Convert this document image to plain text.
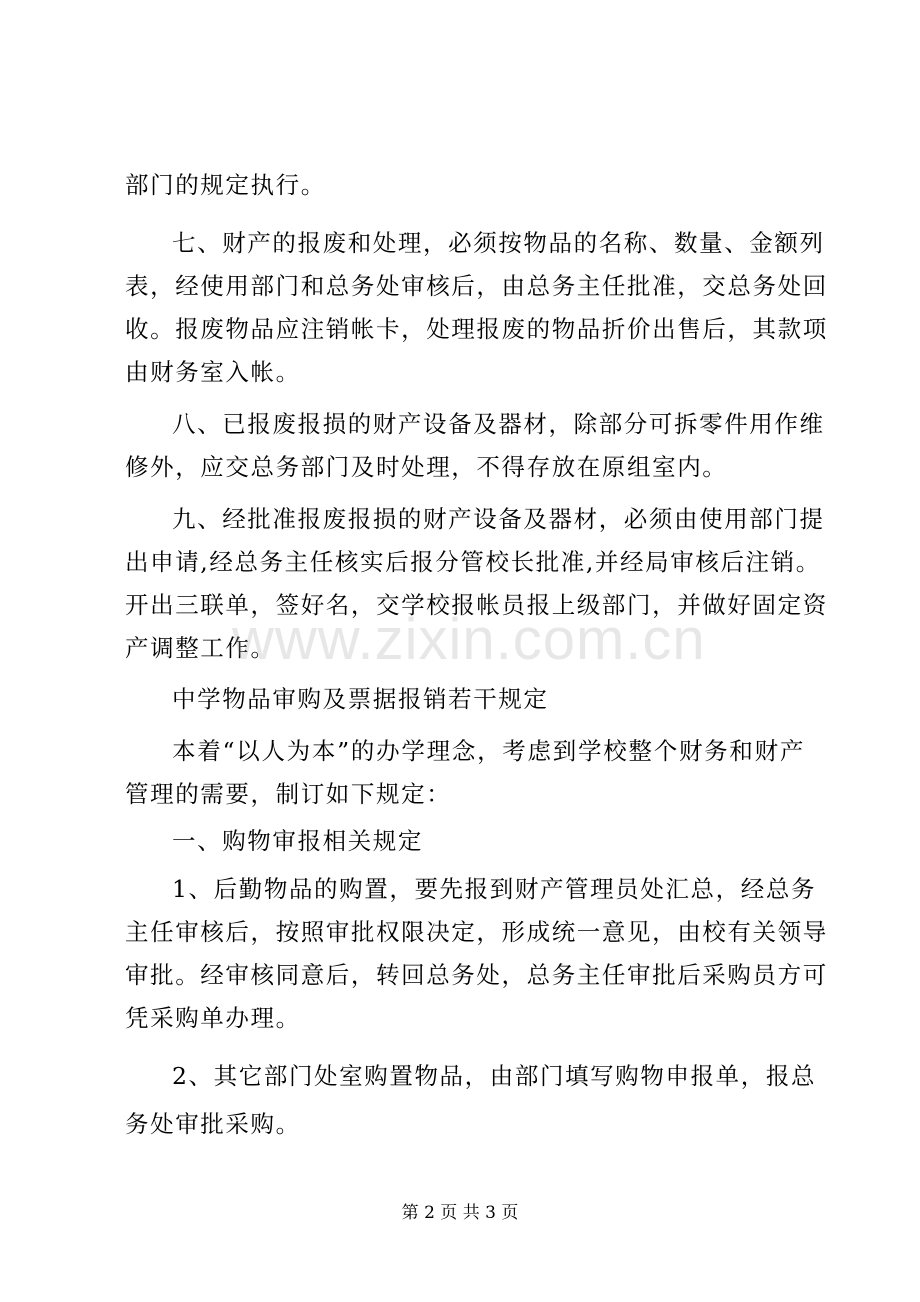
部门的规定执行。
七、财产的报废和处理，必须按物品的名称、数量、金额列
表，经使用部门和总务处审核后，由总务主任批准，交总务处回
收。报废物品应注销帐卡，处理报废的物品折价出售后，其款项
由财务室入帐。
八、已报废报损的财产设备及器材，除部分可拆零件用作维
修外，应交总务部门及时处理，不得存放在原组室内。
九、经批准报废报损的财产设备及器材，必须由使用部门提
出申请,经总务主任核实后报分管校长批准,并经局审核后注销。
开出三联单，签好名，交学校报帐员报上级部门，并做好固定资
产调整工作。
中学物品审购及票据报销若干规定
本着“以人为本”的办学理念，考虑到学校整个财务和财产
管理的需要，制订如下规定：
一、购物审报相关规定
1、后勤物品的购置，要先报到财产管理员处汇总，经总务
主任审核后，按照审批权限决定，形成统一意见，由校有关领导
审批。经审核同意后，转回总务处，总务主任审批后采购员方可
凭采购单办理。
2、其它部门处室购置物品，由部门填写购物申报单，报总
务处审批采购。
www.zixin.com.cn
第 2 页 共 3 页
